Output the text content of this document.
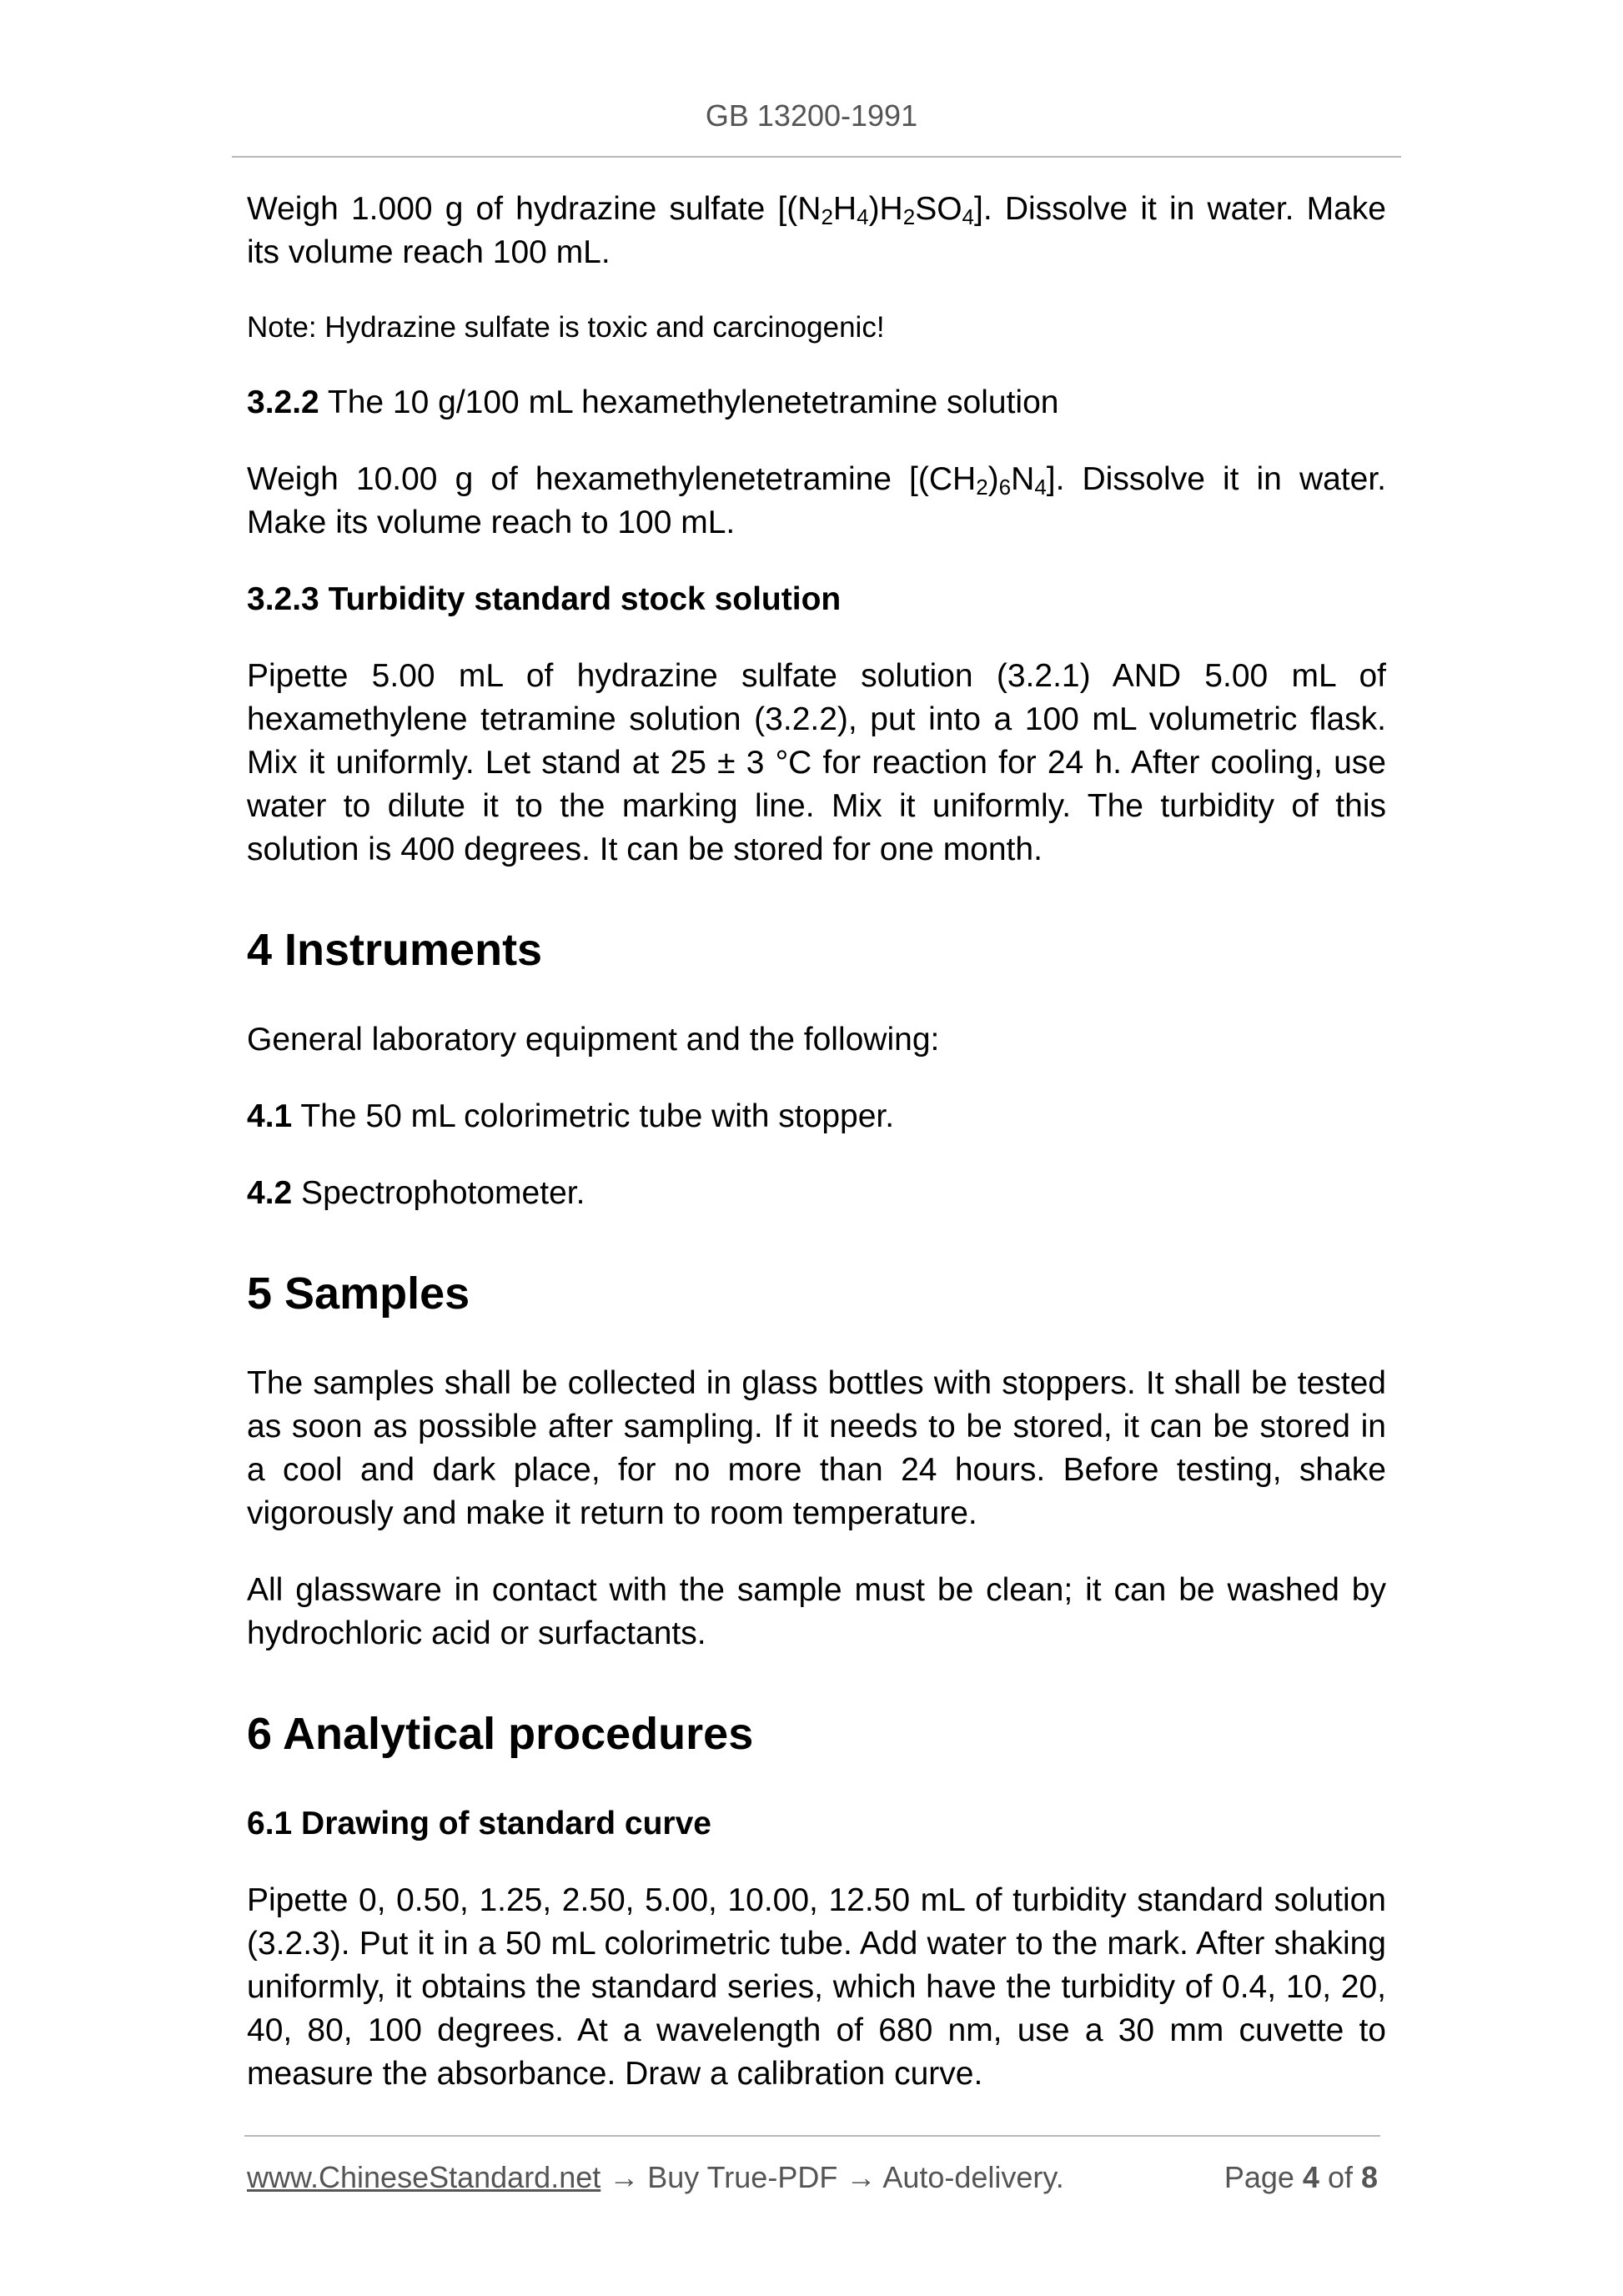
GB 13200-1991

Weigh 1.000 g of hydrazine sulfate $[(N_2H_4)H_2SO_4]$. Dissolve it in water. Make its volume reach 100 mL.

Note: Hydrazine sulfate is toxic and carcinogenic!

3.2.2 The 10 g/100 mL hexamethylenetetramine solution

Weigh 10.00 g of hexamethylenetetramine $[(CH_2)_6N_4]$. Dissolve it in water. Make its volume reach to 100 mL.

3.2.3 Turbidity standard stock solution

Pipette 5.00 mL of hydrazine sulfate solution (3.2.1) AND 5.00 mL of hexamethylene tetramine solution (3.2.2), put into a 100 mL volumetric flask. Mix it uniformly. Let stand at 25 ± 3 °C for reaction for 24 h. After cooling, use water to dilute it to the marking line. Mix it uniformly. The turbidity of this solution is 400 degrees. It can be stored for one month.

4 Instruments

General laboratory equipment and the following:

4.1 The 50 mL colorimetric tube with stopper.

4.2 Spectrophotometer.

5 Samples

The samples shall be collected in glass bottles with stoppers. It shall be tested as soon as possible after sampling. If it needs to be stored, it can be stored in a cool and dark place, for no more than 24 hours. Before testing, shake vigorously and make it return to room temperature.

All glassware in contact with the sample must be clean; it can be washed by hydrochloric acid or surfactants.

6 Analytical procedures

6.1 Drawing of standard curve

Pipette 0, 0.50, 1.25, 2.50, 5.00, 10.00, 12.50 mL of turbidity standard solution (3.2.3). Put it in a 50 mL colorimetric tube. Add water to the mark. After shaking uniformly, it obtains the standard series, which have the turbidity of 0.4, 10, 20, 40, 80, 100 degrees. At a wavelength of 680 nm, use a 30 mm cuvette to measure the absorbance. Draw a calibration curve.

www.ChineseStandard.net → Buy True-PDF → Auto-delivery.	Page 4 of 8
